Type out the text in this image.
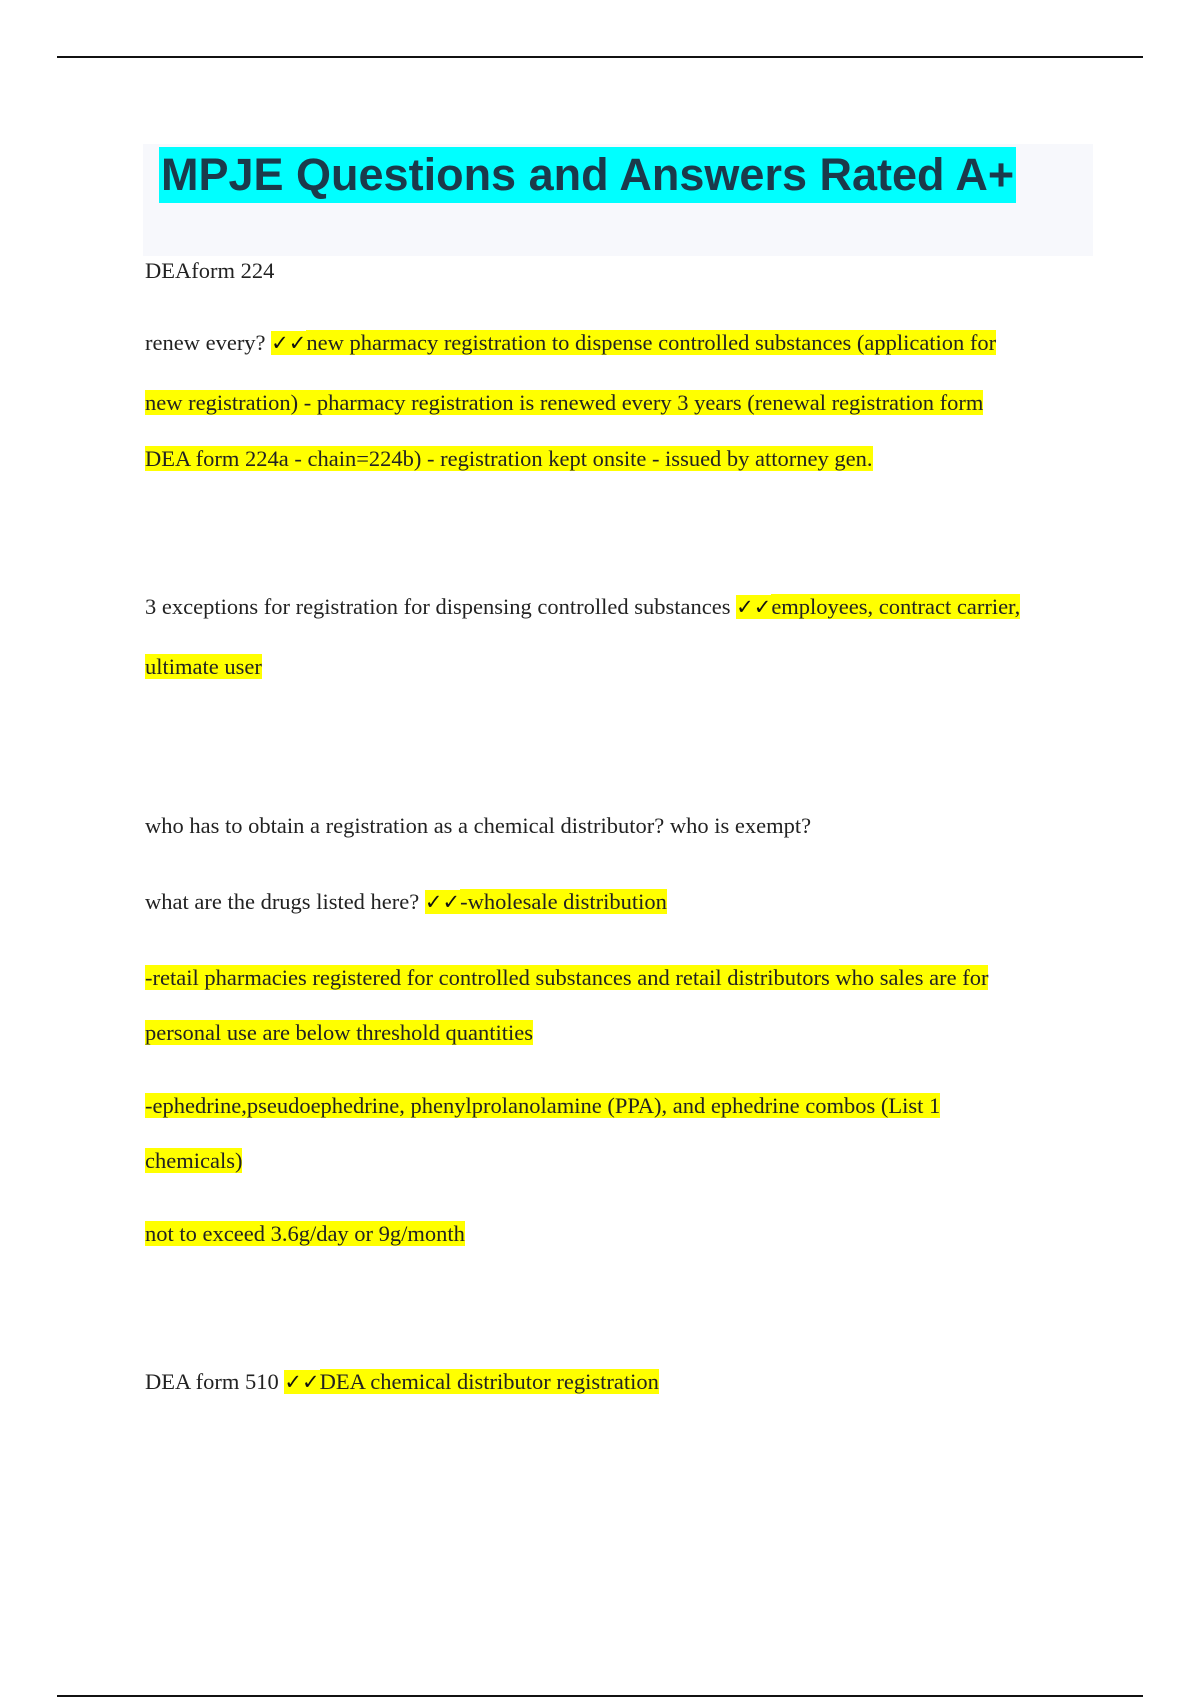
MPJE Questions and Answers Rated A+

DEAform 224

renew every? ✓✓new pharmacy registration to dispense controlled substances (application for

new registration) - pharmacy registration is renewed every 3 years (renewal registration form

DEA form 224a - chain=224b) - registration kept onsite - issued by attorney gen.

3 exceptions for registration for dispensing controlled substances ✓✓employees, contract carrier,

ultimate user

who has to obtain a registration as a chemical distributor? who is exempt?

what are the drugs listed here? ✓✓-wholesale distribution

-retail pharmacies registered for controlled substances and retail distributors who sales are for

personal use are below threshold quantities

-ephedrine,pseudoephedrine, phenylprolanolamine (PPA), and ephedrine combos (List 1

chemicals)

not to exceed 3.6g/day or 9g/month

DEA form 510 ✓✓DEA chemical distributor registration
